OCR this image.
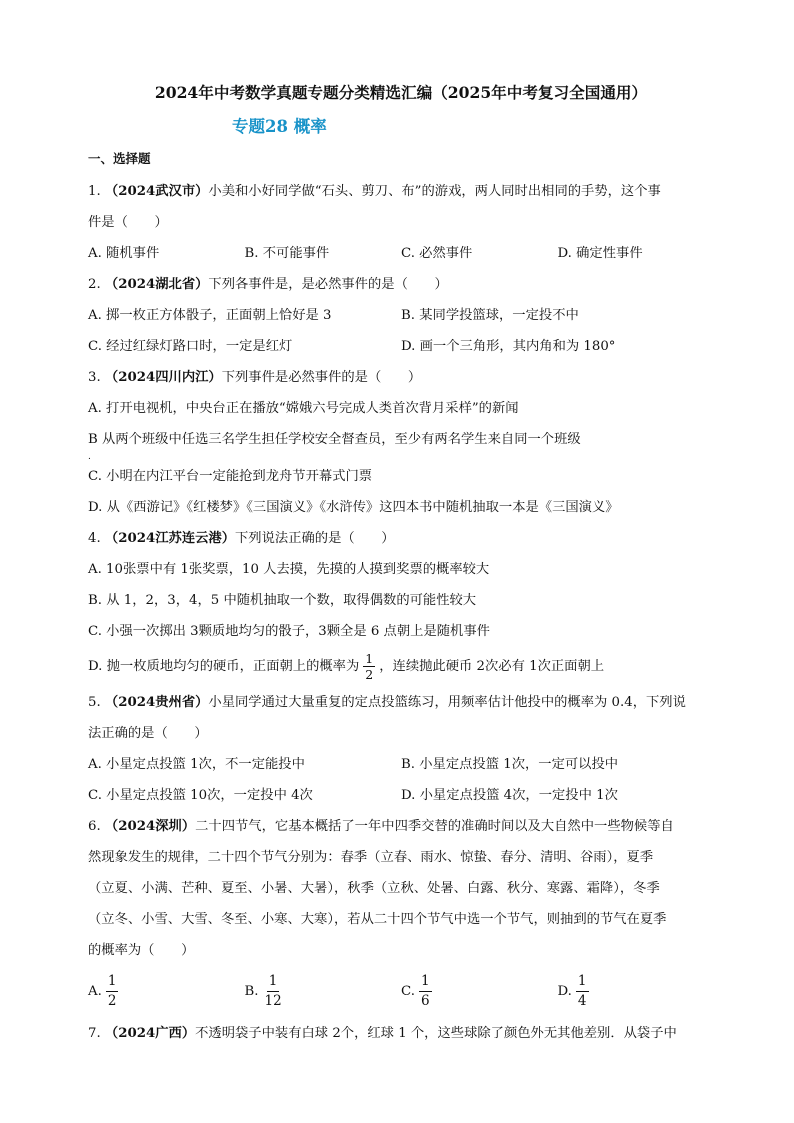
2024年中考数学真题专题分类精选汇编（2025年中考复习全国通用）
专题28 概率
一、选择题
1. （2024武汉市）小美和小好同学做“石头、剪刀、布”的游戏，两人同时出相同的手势，这个事
件是（　　）
A. 随机事件	B. 不可能事件	C. 必然事件	D. 确定性事件
2. （2024湖北省）下列各事件是，是必然事件的是（　　）
A. 掷一枚正方体骰子，正面朝上恰好是 3	B. 某同学投篮球，一定投不中
C. 经过红绿灯路口时，一定是红灯	D. 画一个三角形，其内角和为 180°
3. （2024四川内江）下列事件是必然事件的是（　　）
A. 打开电视机，中央台正在播放“嫦娥六号完成人类首次背月采样”的新闻
B 从两个班级中任选三名学生担任学校安全督查员，至少有两名学生来自同一个班级
.
C. 小明在内江平台一定能抢到龙舟节开幕式门票
D. 从《西游记》《红楼梦》《三国演义》《水浒传》这四本书中随机抽取一本是《三国演义》
4. （2024江苏连云港）下列说法正确的是（　　）
A. 10张票中有 1张奖票，10 人去摸，先摸的人摸到奖票的概率较大
B. 从 1，2，3，4，5 中随机抽取一个数，取得偶数的可能性较大
C. 小强一次掷出 3颗质地均匀的骰子，3颗全是 6 点朝上是随机事件
D. 抛一枚质地均匀的硬币，正面朝上的概率为 $\frac{1}{2}$ ，连续抛此硬币 2次必有 1次正面朝上
5. （2024贵州省）小星同学通过大量重复的定点投篮练习，用频率估计他投中的概率为 0.4，下列说
法正确的是（　　）
A. 小星定点投篮 1次，不一定能投中	B. 小星定点投篮 1次，一定可以投中
C. 小星定点投篮 10次，一定投中 4次	D. 小星定点投篮 4次，一定投中 1次
6. （2024深圳）二十四节气，它基本概括了一年中四季交替的准确时间以及大自然中一些物候等自
然现象发生的规律，二十四个节气分别为：春季（立春、雨水、惊蛰、春分、清明、谷雨），夏季
（立夏、小满、芒种、夏至、小暑、大暑），秋季（立秋、处暑、白露、秋分、寒露、霜降），冬季
（立冬、小雪、大雪、冬至、小寒、大寒），若从二十四个节气中选一个节气，则抽到的节气在夏季
的概率为（　　）
A. $\frac{1}{2}$	B. $\frac{1}{12}$	C. $\frac{1}{6}$	D. $\frac{1}{4}$
7. （2024广西）不透明袋子中装有白球 2个，红球 1 个，这些球除了颜色外无其他差别．从袋子中
